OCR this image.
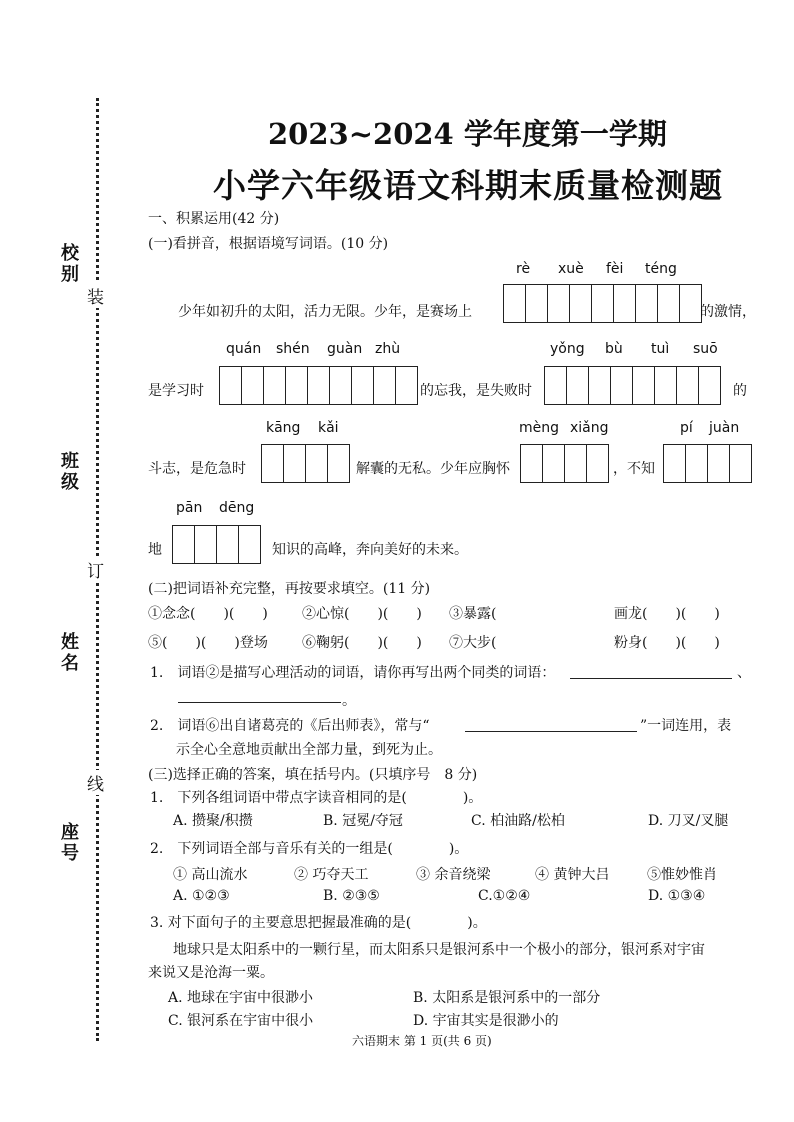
校别
班级
姓名
座号
装
订
线
2023~2024 学年度第一学期
小学六年级语文科期末质量检测题
一、积累运用(42 分)
(一)看拼音，根据语境写词语。(10 分)
rè xuè fèi téng
少年如初升的太阳，活力无限。少年，是赛场上	的激情，
quán shén guàn zhù	yǒng bù tuì suō
是学习时	的忘我，是失败时	的
kāng kǎi	mèng xiǎng	pí juàn
斗志，是危急时	解囊的无私。少年应胸怀	，不知
pān dēng
地	知识的高峰，奔向美好的未来。
(二)把词语补充完整，再按要求填空。(11 分)
①念念(　　)(　　) ②心惊(　　)(　　) ③暴露(	画龙(　　)(　　)
⑤(　　)(　　)登场 ⑥鞠躬(　　)(　　) ⑦大步(	粉身(　　)(　　)
1.　词语②是描写心理活动的词语，请你再写出两个同类的词语：	、
。
2.　词语⑥出自诸葛亮的《后出师表》，常与“	”一词连用，表
示全心全意地贡献出全部力量，到死为止。
(三)选择正确的答案，填在括号内。(只填序号　8 分)
1.　下列各组词语中带点字读音相同的是(　　　　)。
A. 攒聚/积攒	B. 冠冕/夺冠	C. 柏油路/松柏	D. 刀叉/叉腿
2.　下列词语全部与音乐有关的一组是(　　　　)。
① 高山流水	② 巧夺天工	③ 余音绕梁	④ 黄钟大吕	⑤惟妙惟肖
A. ①②③	B. ②③⑤	C.①②④	D. ①③④
3. 对下面句子的主要意思把握最准确的是(　　　　)。
地球只是太阳系中的一颗行星，而太阳系只是银河系中一个极小的部分，银河系对宇宙
来说又是沧海一粟。
A. 地球在宇宙中很渺小	B. 太阳系是银河系中的一部分
C. 银河系在宇宙中很小	D. 宇宙其实是很渺小的
六语期末 第 1 页(共 6 页)
